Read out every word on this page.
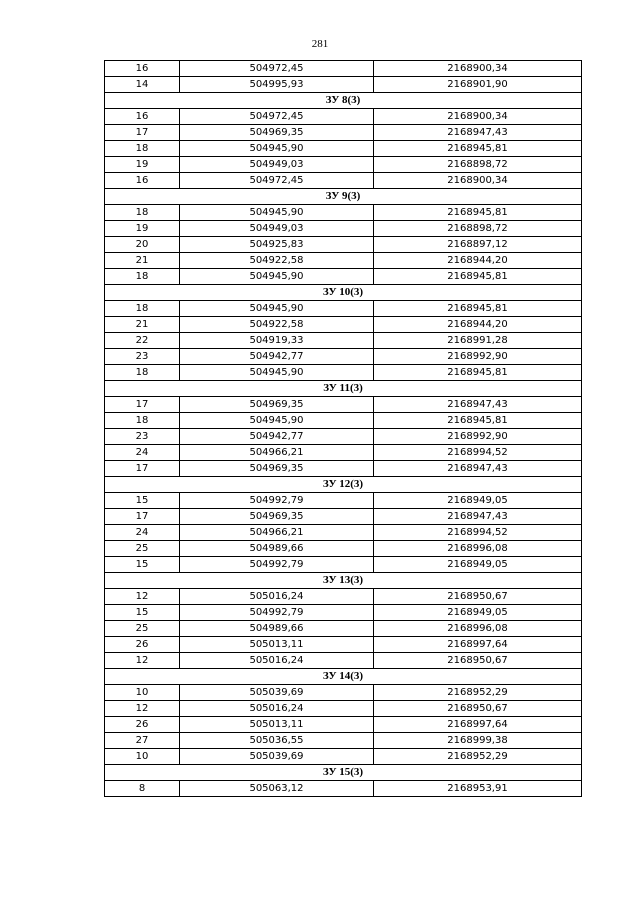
281
16	504972,45	2168900,34
14	504995,93	2168901,90
ЗУ 8(3)		
16	504972,45	2168900,34
17	504969,35	2168947,43
18	504945,90	2168945,81
19	504949,03	2168898,72
16	504972,45	2168900,34
ЗУ 9(3)		
18	504945,90	2168945,81
19	504949,03	2168898,72
20	504925,83	2168897,12
21	504922,58	2168944,20
18	504945,90	2168945,81
ЗУ 10(3)		
18	504945,90	2168945,81
21	504922,58	2168944,20
22	504919,33	2168991,28
23	504942,77	2168992,90
18	504945,90	2168945,81
ЗУ 11(3)		
17	504969,35	2168947,43
18	504945,90	2168945,81
23	504942,77	2168992,90
24	504966,21	2168994,52
17	504969,35	2168947,43
ЗУ 12(3)		
15	504992,79	2168949,05
17	504969,35	2168947,43
24	504966,21	2168994,52
25	504989,66	2168996,08
15	504992,79	2168949,05
ЗУ 13(3)		
12	505016,24	2168950,67
15	504992,79	2168949,05
25	504989,66	2168996,08
26	505013,11	2168997,64
12	505016,24	2168950,67
ЗУ 14(3)		
10	505039,69	2168952,29
12	505016,24	2168950,67
26	505013,11	2168997,64
27	505036,55	2168999,38
10	505039,69	2168952,29
ЗУ 15(3)		
8	505063,12	2168953,91
